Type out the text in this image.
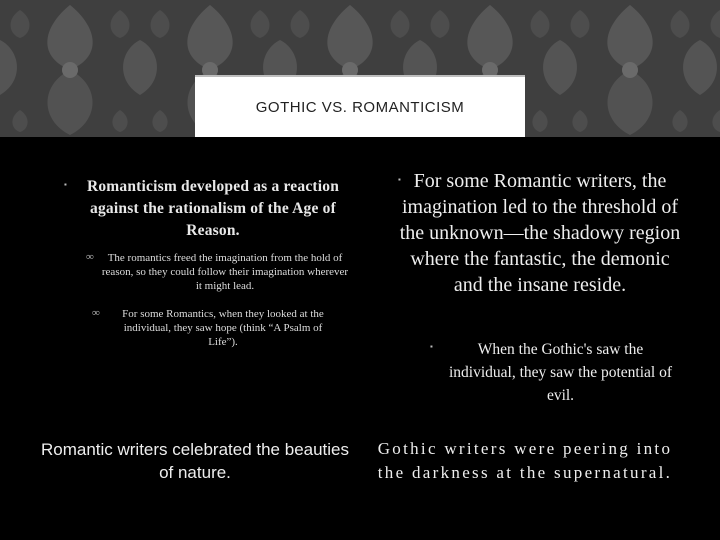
GOTHIC VS. ROMANTICISM
▪	Romanticism developed as a reaction against the rationalism of the Age of Reason.
∞	The romantics freed the imagination from the hold of reason, so they could follow their imagination wherever it might lead.
∞	For some Romantics, when they looked at the individual, they saw hope (think “A Psalm of Life”).
Romantic writers celebrated the beauties of nature.
▪ For some Romantic writers, the imagination led to the threshold of the unknown—the shadowy region where the fantastic, the demonic and the insane reside.
▪	When the Gothic's saw the individual, they saw the potential of evil.
Gothic writers were peering into the darkness at the supernatural.
